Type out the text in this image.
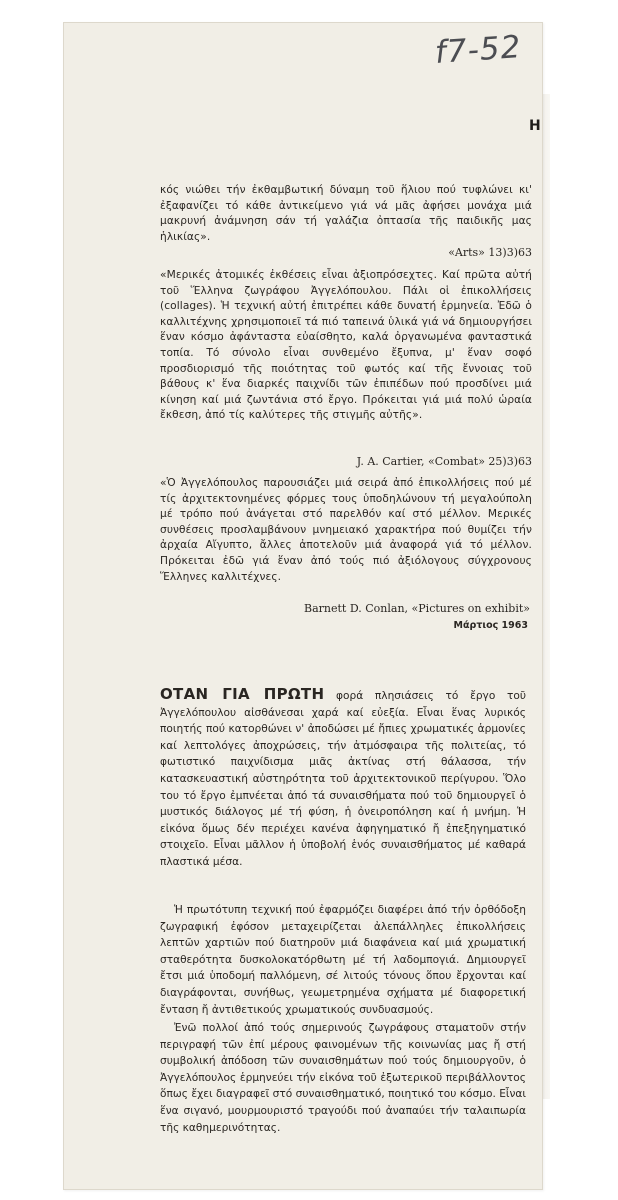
f7-52
Η

κός νιώθει τήν ἐκθαμβωτική δύναμη τοῦ ἥλιου πού τυφλώνει κι' ἐξαφανίζει τό κάθε ἀντικείμενο γιά νά μᾶς ἀφήσει μονάχα μιά μακρυνή ἀνάμνηση σάν τή γαλάζια ὀπτασία τῆς παιδικῆς μας ἡλικίας».

«Arts» 13)3)63

«Μερικές ἀτομικές ἐκθέσεις εἶναι ἀξιοπρόσεχτες. Καί πρῶτα αὐτή τοῦ Ἕλληνα ζωγράφου Ἀγγελόπουλου. Πάλι οἱ ἐπικολλήσεις (collages). Ἡ τεχνική αὐτή ἐπιτρέπει κάθε δυνατή ἑρμηνεία. Ἐδῶ ὁ καλλιτέχνης χρησιμοποιεῖ τά πιό ταπεινά ὑλικά γιά νά δημιουργήσει ἕναν κόσμο ἀφάνταστα εὐαίσθητο, καλά ὀργανωμένα φανταστικά τοπία. Τό σύνολο εἶναι συνθεμένο ἔξυπνα, μ' ἕναν σοφό προσδιορισμό τῆς ποιότητας τοῦ φωτός καί τῆς ἔννοιας τοῦ βάθους κ' ἕνα διαρκές παιχνίδι τῶν ἐπιπέδων πού προσδίνει μιά κίνηση καί μιά ζωντάνια στό ἔργο. Πρόκειται γιά μιά πολύ ὡραία ἔκθεση, ἀπό τίς καλύτερες τῆς στιγμῆς αὐτῆς».

J. A. Cartier, «Combat» 25)3)63

«Ὁ Ἀγγελόπουλος παρουσιάζει μιά σειρά ἀπό ἐπικολλήσεις πού μέ τίς ἀρχιτεκτονημένες φόρμες τους ὑποδηλώνουν τή μεγαλούπολη μέ τρόπο πού ἀνάγεται στό παρελθόν καί στό μέλλον. Μερικές συνθέσεις προσλαμβάνουν μνημειακό χαρακτήρα πού θυμίζει τήν ἀρχαία Αἴγυπτο, ἄλλες ἀποτελοῦν μιά ἀναφορά γιά τό μέλλον. Πρόκειται ἐδῶ γιά ἕναν ἀπό τούς πιό ἀξιόλογους σύγχρονους Ἕλληνες καλλιτέχνες.

Barnett D. Conlan, «Pictures on exhibit»
Μάρτιος 1963

ΟΤΑΝ ΓΙΑ ΠΡΩΤΗ φορά πλησιάσεις τό ἔργο τοῦ Ἀγγελόπουλου αἰσθάνεσαι χαρά καί εὐεξία. Εἶναι ἕνας λυρικός ποιητής πού κατορθώνει ν' ἀποδώσει μέ ἤπιες χρωματικές ἁρμονίες καί λεπτολόγες ἀποχρώσεις, τήν ἀτμόσφαιρα τῆς πολιτείας, τό φωτιστικό παιχνίδισμα μιᾶς ἀκτίνας στή θάλασσα, τήν κατασκευαστική αὐστηρότητα τοῦ ἀρχιτεκτονικοῦ περίγυρου. Ὅλο του τό ἔργο ἐμπνέεται ἀπό τά συναισθήματα πού τοῦ δημιουργεῖ ὁ μυστικός διάλογος μέ τή φύση, ἡ ὀνειροπόληση καί ἡ μνήμη. Ἡ εἰκόνα ὅμως δέν περιέχει κανένα ἀφηγηματικό ἤ ἐπεξηγηματικό στοιχεῖο. Εἶναι μᾶλλον ἡ ὑποβολή ἑνός συναισθήματος μέ καθαρά πλαστικά μέσα.

Ἡ πρωτότυπη τεχνική πού ἐφαρμόζει διαφέρει ἀπό τήν ὀρθόδοξη ζωγραφική ἐφόσον μεταχειρίζεται ἀλεπάλληλες ἐπικολλήσεις λεπτῶν χαρτιῶν πού διατηροῦν μιά διαφάνεια καί μιά χρωματική σταθερότητα δυσκολοκατόρθωτη μέ τή λαδομπογιά. Δημιουργεῖ ἔτσι μιά ὑποδομή παλλόμενη, σέ λιτούς τόνους ὅπου ἔρχονται καί διαγράφονται, συνήθως, γεωμετρημένα σχήματα μέ διαφορετική ἔνταση ἤ ἀντιθετικούς χρωματικούς συνδυασμούς.

Ἐνῶ πολλοί ἀπό τούς σημερινούς ζωγράφους σταματοῦν στήν περιγραφή τῶν ἐπί μέρους φαινομένων τῆς κοινωνίας μας ἤ στή συμβολική ἀπόδοση τῶν συναισθημάτων πού τούς δημιουργοῦν, ὁ Ἀγγελόπουλος ἑρμηνεύει τήν εἰκόνα τοῦ ἐξωτερικοῦ περιβάλλοντος ὅπως ἔχει διαγραφεῖ στό συναισθηματικό, ποιητικό του κόσμο. Εἶναι ἕνα σιγανό, μουρμουριστό τραγούδι πού ἀναπαύει τήν ταλαιπωρία τῆς καθημερινότητας.
